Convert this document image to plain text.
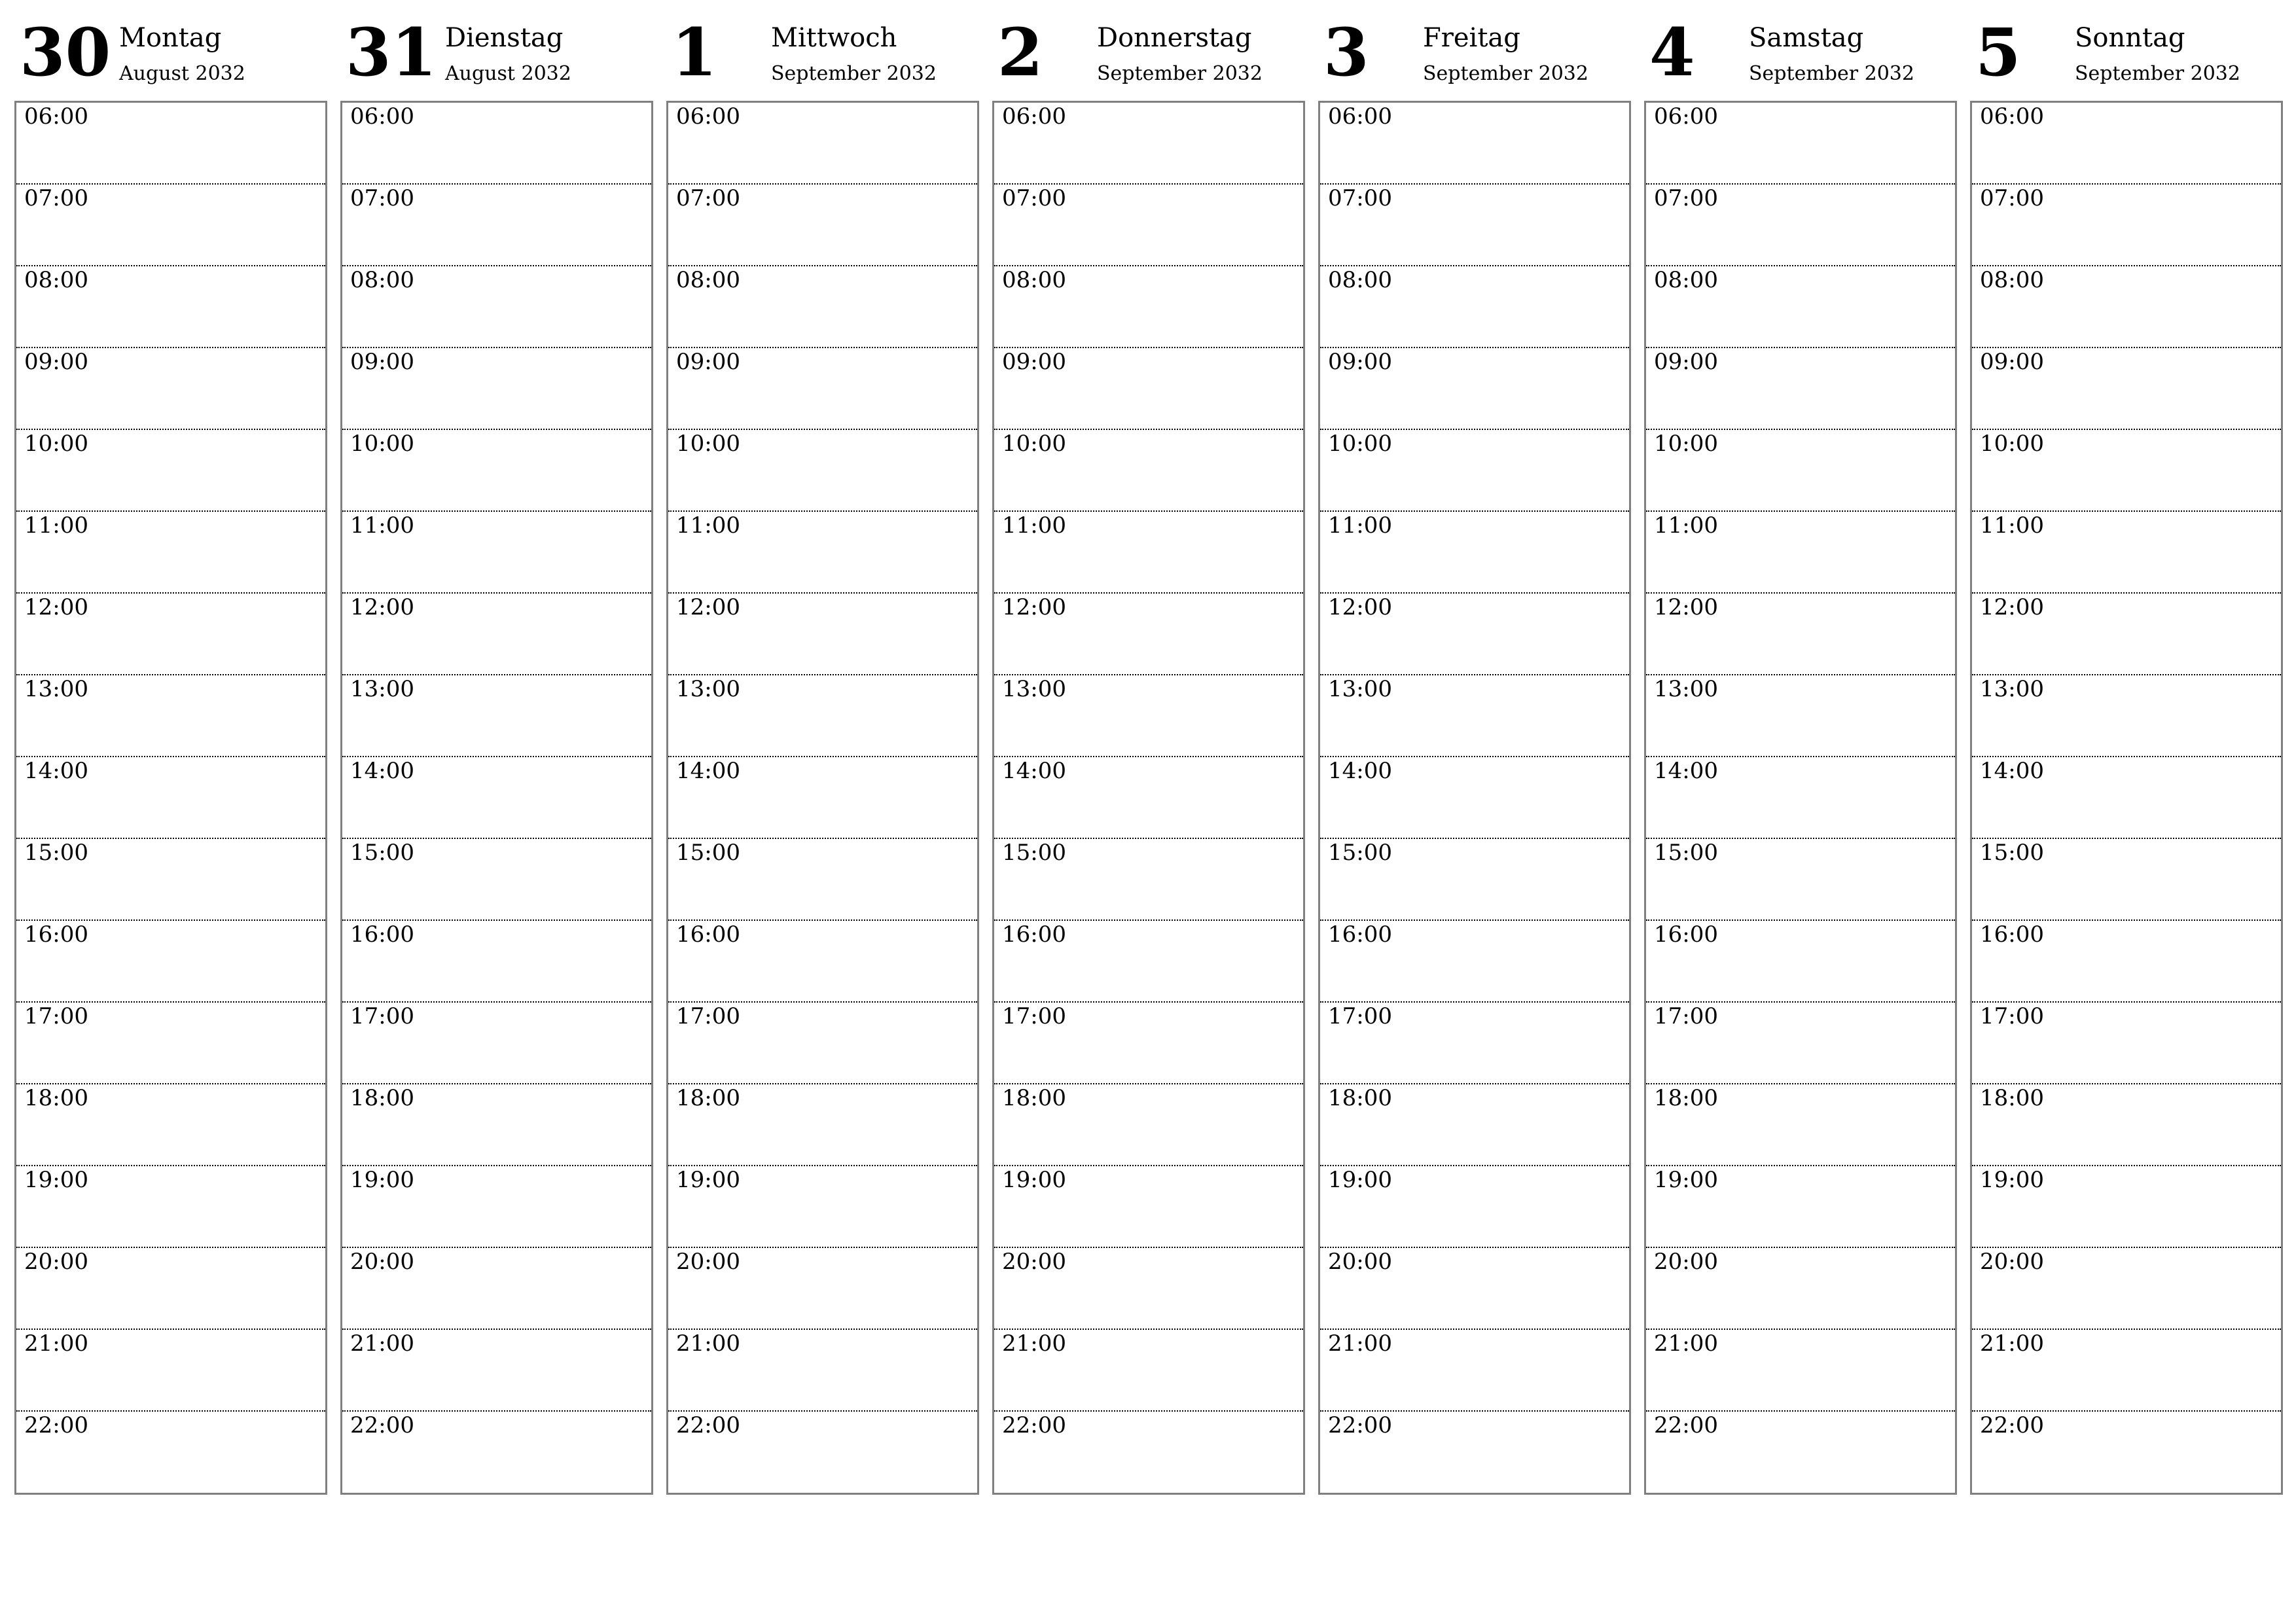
30 Montag
August 2032
06:00
07:00
08:00
09:00
10:00
11:00
12:00
13:00
14:00
15:00
16:00
17:00
18:00
19:00
20:00
21:00
22:00
31 Dienstag
August 2032
06:00
07:00
08:00
09:00
10:00
11:00
12:00
13:00
14:00
15:00
16:00
17:00
18:00
19:00
20:00
21:00
22:00
1 Mittwoch
September 2032
06:00
07:00
08:00
09:00
10:00
11:00
12:00
13:00
14:00
15:00
16:00
17:00
18:00
19:00
20:00
21:00
22:00
2 Donnerstag
September 2032
06:00
07:00
08:00
09:00
10:00
11:00
12:00
13:00
14:00
15:00
16:00
17:00
18:00
19:00
20:00
21:00
22:00
3 Freitag
September 2032
06:00
07:00
08:00
09:00
10:00
11:00
12:00
13:00
14:00
15:00
16:00
17:00
18:00
19:00
20:00
21:00
22:00
4 Samstag
September 2032
06:00
07:00
08:00
09:00
10:00
11:00
12:00
13:00
14:00
15:00
16:00
17:00
18:00
19:00
20:00
21:00
22:00
5 Sonntag
September 2032
06:00
07:00
08:00
09:00
10:00
11:00
12:00
13:00
14:00
15:00
16:00
17:00
18:00
19:00
20:00
21:00
22:00
